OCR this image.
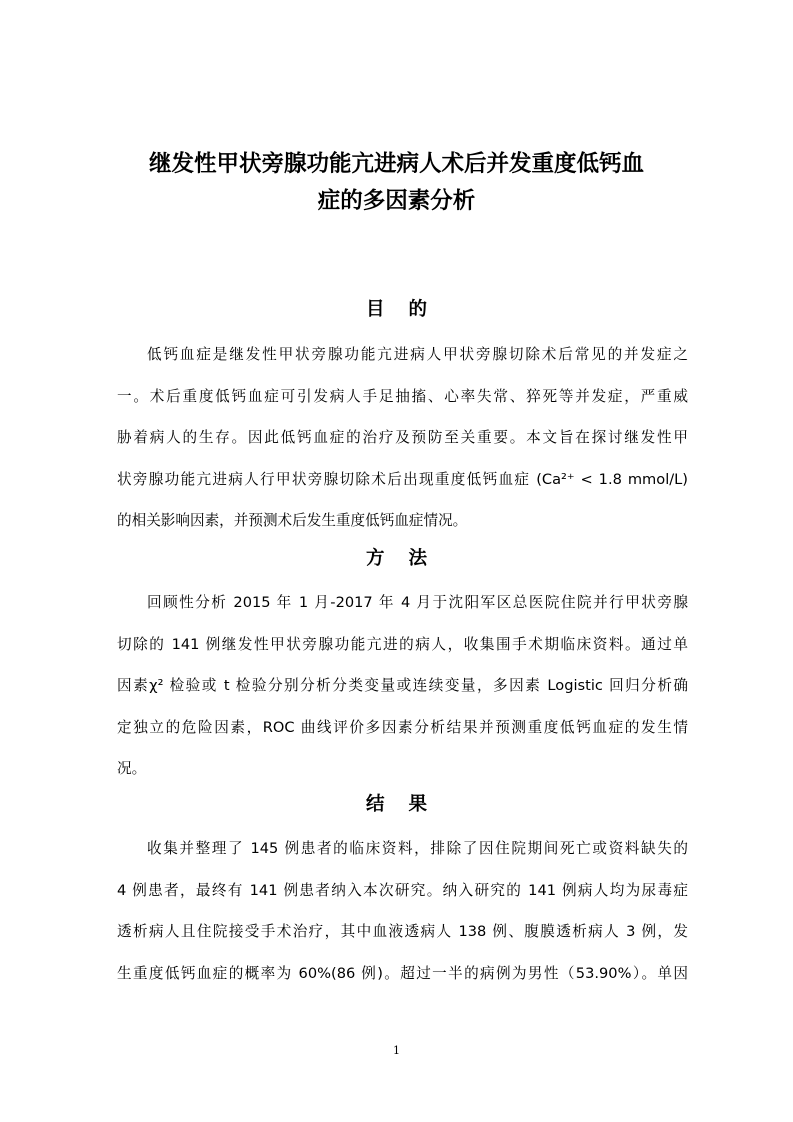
继发性甲状旁腺功能亢进病人术后并发重度低钙血
症的多因素分析
目的
低钙血症是继发性甲状旁腺功能亢进病人甲状旁腺切除术后常见的并发症之
一。术后重度低钙血症可引发病人手足抽搐、心率失常、猝死等并发症，严重威
胁着病人的生存。因此低钙血症的治疗及预防至关重要。本文旨在探讨继发性甲
状旁腺功能亢进病人行甲状旁腺切除术后出现重度低钙血症 (Ca²⁺ < 1.8 mmol/L)
的相关影响因素，并预测术后发生重度低钙血症情况。
方法
回顾性分析 2015 年 1 月-2017 年 4 月于沈阳军区总医院住院并行甲状旁腺
切除的 141 例继发性甲状旁腺功能亢进的病人，收集围手术期临床资料。通过单
因素χ² 检验或 t 检验分别分析分类变量或连续变量，多因素 Logistic 回归分析确
定独立的危险因素，ROC 曲线评价多因素分析结果并预测重度低钙血症的发生情
况。
结果
收集并整理了 145 例患者的临床资料，排除了因住院期间死亡或资料缺失的
4 例患者，最终有 141 例患者纳入本次研究。纳入研究的 141 例病人均为尿毒症
透析病人且住院接受手术治疗，其中血液透病人 138 例、腹膜透析病人 3 例，发
生重度低钙血症的概率为 60%(86 例)。超过一半的病例为男性（53.90%）。单因
1
